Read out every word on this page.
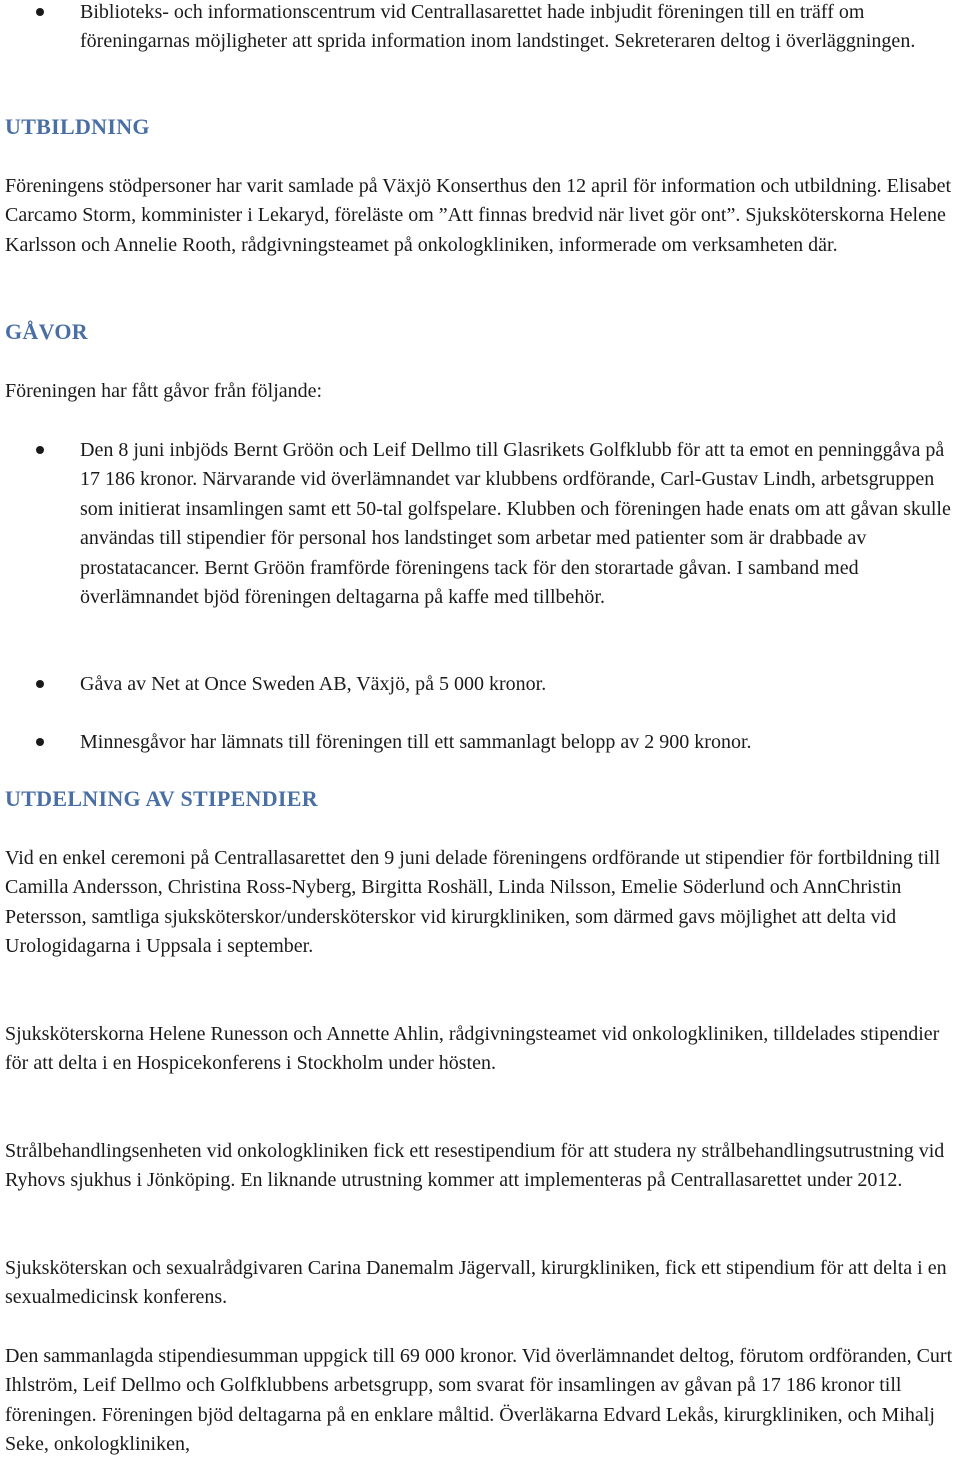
Biblioteks- och informationscentrum vid Centrallasarettet hade inbjudit föreningen till en träff om föreningarnas möjligheter att sprida information inom landstinget. Sekreteraren deltog i överläggningen.

UTBILDNING

Föreningens stödpersoner har varit samlade på Växjö Konserthus den 12 april för information och utbildning. Elisabet Carcamo Storm, komminister i Lekaryd, föreläste om ”Att finnas bredvid när livet gör ont”. Sjuksköterskorna Helene Karlsson och Annelie Rooth, rådgivningsteamet på onkologkliniken, informerade om verksamheten där.

GÅVOR

Föreningen har fått gåvor från följande:

Den 8 juni inbjöds Bernt Gröön och Leif Dellmo till Glasrikets Golfklubb för att ta emot en penninggåva på 17 186 kronor. Närvarande vid överlämnandet var klubbens ordförande, Carl-Gustav Lindh, arbetsgruppen som initierat insamlingen samt ett 50-tal golfspelare. Klubben och föreningen hade enats om att gåvan skulle användas till stipendier för personal hos landstinget som arbetar med patienter som är drabbade av prostatacancer. Bernt Gröön framförde föreningens tack för den storartade gåvan. I samband med överlämnandet bjöd föreningen deltagarna på kaffe med tillbehör.

Gåva av Net at Once Sweden AB, Växjö, på 5 000 kronor.

Minnesgåvor har lämnats till föreningen till ett sammanlagt belopp av 2 900 kronor.

UTDELNING AV STIPENDIER

Vid en enkel ceremoni på Centrallasarettet den 9 juni delade föreningens ordförande ut stipendier för fortbildning till Camilla Andersson, Christina Ross-Nyberg, Birgitta Roshäll, Linda Nilsson, Emelie Söderlund och AnnChristin Petersson, samtliga sjuksköterskor/undersköterskor vid kirurgkliniken, som därmed gavs möjlighet att delta vid Urologidagarna i Uppsala i september.

Sjuksköterskorna Helene Runesson och Annette Ahlin, rådgivningsteamet vid onkologkliniken, tilldelades stipendier för att delta i en Hospicekonferens i Stockholm under hösten.

Strålbehandlingsenheten vid onkologkliniken fick ett resestipendium för att studera ny strålbehandlingsutrustning vid Ryhovs sjukhus i Jönköping. En liknande utrustning kommer att implementeras på Centrallasarettet under 2012.

Sjuksköterskan och sexualrådgivaren Carina Danemalm Jägervall, kirurgkliniken, fick ett stipendium för att delta i en sexualmedicinsk konferens.

Den sammanlagda stipendiesumman uppgick till 69 000 kronor. Vid överlämnandet deltog, förutom ordföranden, Curt Ihlström, Leif Dellmo och Golfklubbens arbetsgrupp, som svarat för insamlingen av gåvan på 17 186 kronor till föreningen. Föreningen bjöd deltagarna på en enklare måltid. Överläkarna Edvard Lekås, kirurgkliniken, och Mihalj Seke, onkologkliniken,
